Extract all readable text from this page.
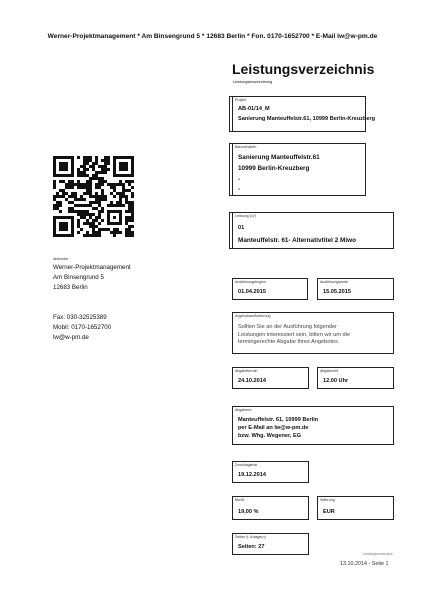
Werner-Projektmanagement * Am Binsengrund 5 * 12683 Berlin * Fon. 0170-1652700 * E-Mail lw@w-pm.de
Leistungsverzeichnis
Leistungsbeschreibung
Projekt
AB-01/14_M
Sanierung Manteuffelstr.61, 10999 Berlin-Kreuzberg
Bauvorhaben
Sanierung Manteuffelstr.61
10999 Berlin-Kreuzberg
-
-
Leistung (LV)
01
Manteuffelstr. 61- Alternativtitel 2 Miwo
Ausführungsbeginn
01.04.2015
Ausführungsende
15.05.2015
Angebotsaufforderung
Sollten Sie an der Ausführung folgender Leistungen interessiert sein, bitten wir um die termingerechte Abgabe Ihres Angebotes.
Abgabetermin
24.10.2014
Abgabezeit
12.00 Uhr
Abgabeort
Manteuffelstr. 61, 10999 Berlin
per E-Mail an lw@w-pm.de
bzw. Whg. Wegener, EG
Zuschlagsfrist
19.12.2014
MwSt.
19,00 %
Währung
EUR
Seiten (t. Anlage(n)
Seiten: 27
Absender
Werner-Projektmanagement
Am Binsengrund 5
12683 Berlin
Fax: 030-32525389
Mobil: 0170-1652700
lw@w-pm.de
Leistungsverzeichnis
13.10.2014 - Seite 1
